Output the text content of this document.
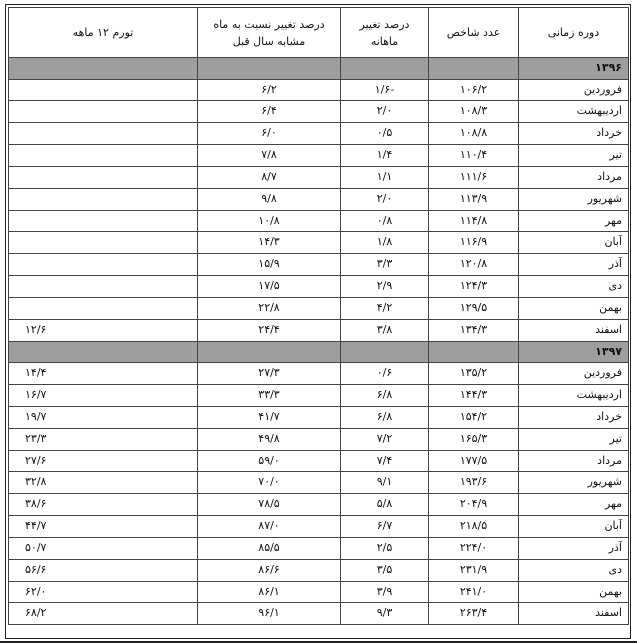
دوره زمانی	عدد شاخص	درصد تغییر ماهانه	درصد تغییر نسبت به ماه مشابه سال قبل	تورم ۱۲ ماهه
۱۳۹۶				
فروردین	۱۰۶/۲	-۱/۶	۶/۲	
اردیبهشت	۱۰۸/۳	۲/۰	۶/۴	
خرداد	۱۰۸/۸	۰/۵	۶/۰	
تیر	۱۱۰/۴	۱/۴	۷/۸	
مرداد	۱۱۱/۶	۱/۱	۸/۷	
شهریور	۱۱۳/۹	۲/۰	۹/۸	
مهر	۱۱۴/۸	۰/۸	۱۰/۸	
آبان	۱۱۶/۹	۱/۸	۱۴/۳	
آذر	۱۲۰/۸	۳/۳	۱۵/۹	
دی	۱۲۴/۳	۲/۹	۱۷/۵	
بهمن	۱۲۹/۵	۴/۲	۲۲/۸	
اسفند	۱۳۴/۳	۳/۸	۲۴/۴	۱۲/۶
۱۳۹۷				
فروردین	۱۳۵/۲	۰/۶	۲۷/۳	۱۴/۴
اردیبهشت	۱۴۴/۳	۶/۸	۳۳/۳	۱۶/۷
خرداد	۱۵۴/۲	۶/۸	۴۱/۷	۱۹/۷
تیر	۱۶۵/۳	۷/۲	۴۹/۸	۲۳/۳
مرداد	۱۷۷/۵	۷/۴	۵۹/۰	۲۷/۶
شهریور	۱۹۳/۶	۹/۱	۷۰/۰	۳۲/۸
مهر	۲۰۴/۹	۵/۸	۷۸/۵	۳۸/۶
آبان	۲۱۸/۵	۶/۷	۸۷/۰	۴۴/۷
آذر	۲۲۴/۰	۲/۵	۸۵/۵	۵۰/۷
دی	۲۳۱/۹	۳/۵	۸۶/۶	۵۶/۶
بهمن	۲۴۱/۰	۳/۹	۸۶/۱	۶۲/۰
اسفند	۲۶۳/۴	۹/۳	۹۶/۱	۶۸/۲
